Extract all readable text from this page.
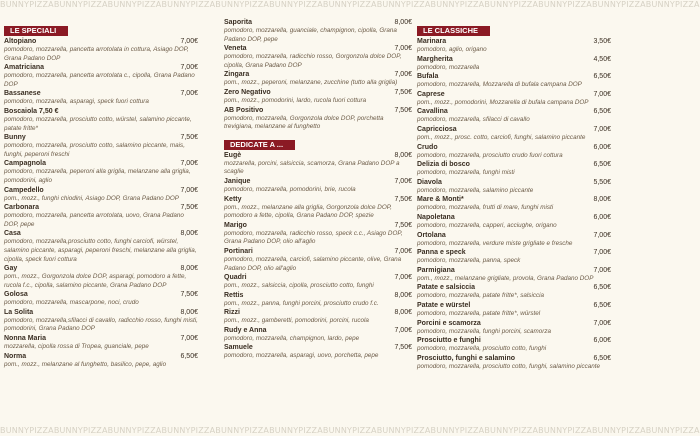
BUNNYPIZZABUNNYPIZZABUNNYPIZZABUNNYPIZZABUNNYPIZZABUNNYPIZZABUNNYPIZZABUNNYPIZZABUNNYPIZZABUNNYPIZZABUNNYPIZZABUNNYPIZZABUNNYPIZZA
BUNNYPIZZABUNNYPIZZABUNNYPIZZABUNNYPIZZABUNNYPIZZABUNNYPIZZABUNNYPIZZABUNNYPIZZABUNNYPIZZABUNNYPIZZABUNNYPIZZABUNNYPIZZABUNNYPIZZA
LE SPECIALI

Altopiano	7,00€
pomodoro, mozzarella, pancetta arrotolata in cottura, Asiago DOP, Grana Padano DOP
Amatriciana	7,00€
pomodoro, mozzarella, pancetta arrotolata c., cipolla, Grana Padano DOP
Bassanese	7,00€
pomodoro, mozzarella, asparagi, speck fuori cottura
Boscaiola 7,50 €
pomodoro, mozzarella, prosciutto cotto, würstel, salamino piccante, patate fritte*
Bunny	7,50€
pomodoro, mozzarella, prosciutto cotto, salamino piccante, mais, funghi, peperoni freschi
Campagnola	7,00€
pomodoro, mozzarella, peperoni alla griglia, melanzane alla griglia, pomodorini, aglio
Campedello	7,00€
pom., mozz., funghi chiodini, Asiago DOP, Grana Padano DOP
Carbonara	7,50€
pomodoro, mozzarella, pancetta arrotolata, uovo, Grana Padano DOP, pepe
Casa	8,00€
pomodoro, mozzarella,prosciutto cotto, funghi carciofi, würstel, salamino piccante, asparagi, peperoni freschi, melanzane alla griglia, cipolla, speck fuori cottura
Gay	8,00€
pom., mozz., Gorgonzola dolce DOP, asparagi, pomodoro a fette, rucola f.c., cipolla, salamino piccante, Grana Padano DOP
Golosa	7,50€
pomodoro, mozzarella, mascarpone, noci, crudo
La Solita	8,00€
pomodoro, mozzarella,sfilacci di cavallo, radicchio rosso, funghi misti, pomodorini, Grana Padano DOP
Nonna Maria	7,00€
mozzarella, cipolla rossa di Tropea, guanciale, pepe
Norma	6,50€
pom., mozz., melanzane al funghetto, basilico, pepe, aglio
Saporita	8,00€
pomodoro, mozzarella, guanciale, champignon, cipolla, Grana Padano DOP, pepe
Veneta	7,00€
pomodoro, mozzarella, radicchio rosso, Gorgonzola dolce DOP, cipolla, Grana Padano DOP
Zingara	7,00€
pom., mozz., peperoni, melanzane, zucchine (tutto alla griglia)
Zero Negativo	7,50€
pom., mozz., pomodorini, lardo, rucola fuori cottura
AB Positivo	7,50€
pomodoro, mozzarella, Gorgonzola dolce DOP, porchetta trevigiana, melanzane al funghetto
DEDICATE A ...

Eugè	8,00€
mozzarella, porcini, salsiccia, scamorza, Grana Padano DOP a scaglie
Janique	7,00€
pomodoro, mozzarella, pomodorini, brie, rucola
Ketty	7,50€
pom., mozz., melanzane alla griglia, Gorgonzola dolce DOP, pomodoro a fette, cipolla, Grana Padano DOP, spezie
Marigo	7,50€
pomodoro, mozzarella, radicchio rosso, speck c.c., Asiago DOP, Grana Padano DOP, olio all'aglio
Portinari	7,00€
pomodoro, mozzarella, carciofi, salamino piccante, olive, Grana Padano DOP, olio all'aglio
Quadri	7,00€
pom., mozz., salsiccia, cipolla, prosciutto cotto, funghi
Rettis	8,00€
pom., mozz., panna, funghi porcini, prosciutto crudo f.c.
Rizzi	8,00€
pom., mozz., gamberetti, pomodorini, porcini, rucola
Rudy e Anna	7,00€
pomodoro, mozzarella, champignon, lardo, pepe
Samuele	7,50€
pomodoro, mozzarella, asparagi, uovo, porchetta, pepe
LE CLASSICHE

Marinara	3,50€
pomodoro, aglio, origano
Margherita	4,50€
pomodoro, mozzarella
Bufala	6,50€
pomodoro, mozzarella, Mozzarella di bufala campana DOP
Caprese	7,00€
pom., mozz., pomodorini, Mozzarella di bufala campana DOP
Cavallina	6,50€
pomodoro, mozzarella, sfilacci di cavallo
Capricciosa	7,00€
pom., mozz., prosc. cotto, carciofi, funghi, salamino piccante
Crudo	6,00€
pomodoro, mozzarella, prosciutto crudo fuori cottura
Delizia di bosco	6,50€
pomodoro, mozzarella, funghi misti
Diavola	5,50€
pomodoro, mozzarella, salamino piccante
Mare & Monti*	8,00€
pomodoro, mozzarella, frutti di mare, funghi misti
Napoletana	6,00€
pomodoro, mozzarella, capperi, acciughe, origano
Ortolana	7,00€
pomodoro, mozzarella, verdure miste grigliate e fresche
Panna e speck	7,00€
pomodoro, mozzarella, panna, speck
Parmigiana	7,00€
pom., mozz., melanzane grigliate, provola, Grana Padano DOP
Patate e salsiccia	6,50€
pomodoro, mozzarella, patate fritte*, salsiccia
Patate e würstel	6,50€
pomodoro, mozzarella, patate fritte*, würstel
Porcini e scamorza	7,00€
pomodoro, mozzarella, funghi porcini, scamorza
Prosciutto e funghi	6,00€
pomodoro, mozzarella, prosciutto cotto, funghi
Prosciutto, funghi e salamino	6,50€
pomodoro, mozzarella, prosciutto cotto, funghi, salamino piccante
